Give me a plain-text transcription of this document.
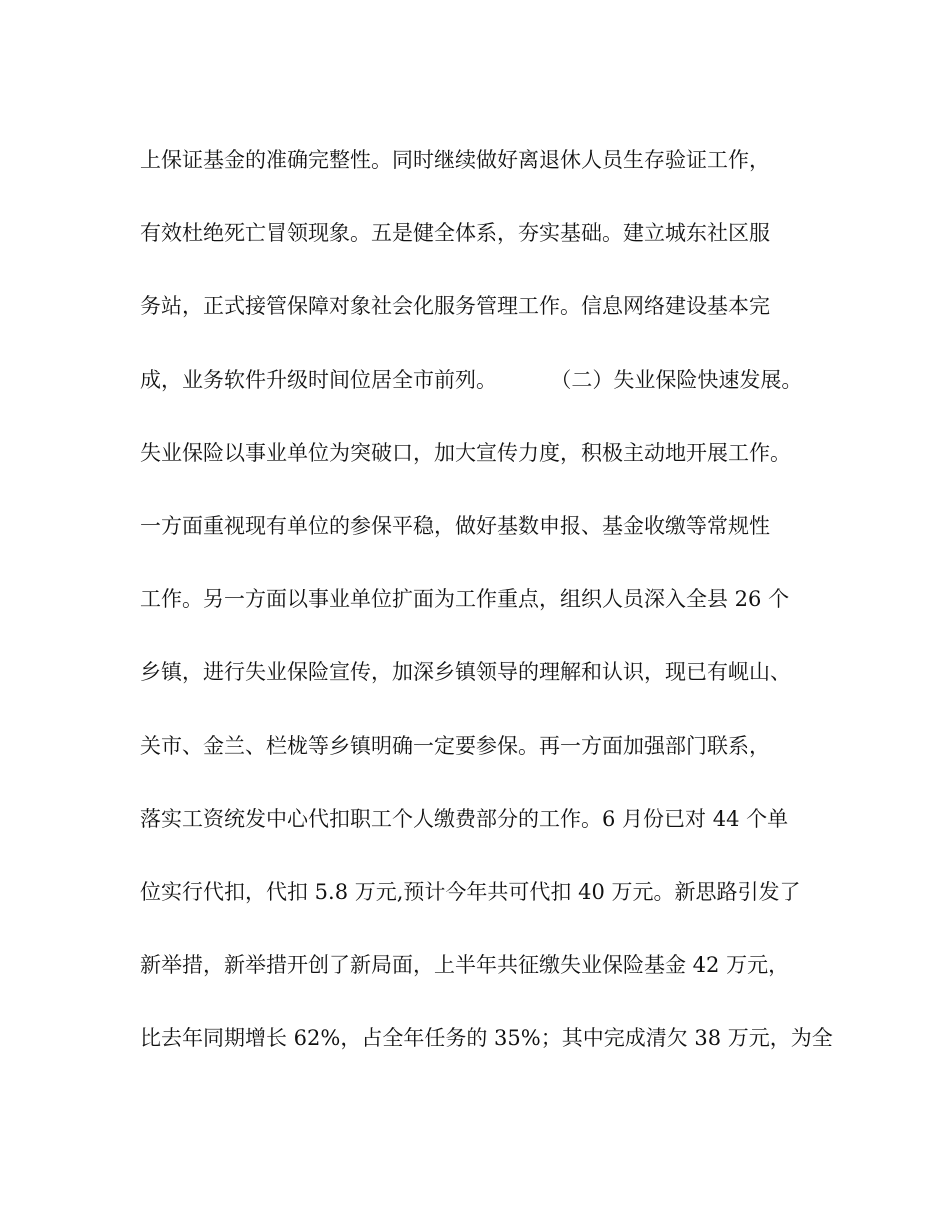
上保证基金的准确完整性。同时继续做好离退休人员生存验证工作，
有效杜绝死亡冒领现象。五是健全体系，夯实基础。建立城东社区服
务站，正式接管保障对象社会化服务管理工作。信息网络建设基本完
成，业务软件升级时间位居全市前列。        （二）失业保险快速发展。
失业保险以事业单位为突破口，加大宣传力度，积极主动地开展工作。
一方面重视现有单位的参保平稳，做好基数申报、基金收缴等常规性
工作。另一方面以事业单位扩面为工作重点，组织人员深入全县 26 个
乡镇，进行失业保险宣传，加深乡镇领导的理解和认识，现已有岘山、
关市、金兰、栏栊等乡镇明确一定要参保。再一方面加强部门联系，
落实工资统发中心代扣职工个人缴费部分的工作。6 月份已对 44 个单
位实行代扣，代扣 5.8 万元,预计今年共可代扣 40 万元。新思路引发了
新举措，新举措开创了新局面，上半年共征缴失业保险基金 42 万元，
比去年同期增长 62%，占全年任务的 35%；其中完成清欠 38 万元，为全
